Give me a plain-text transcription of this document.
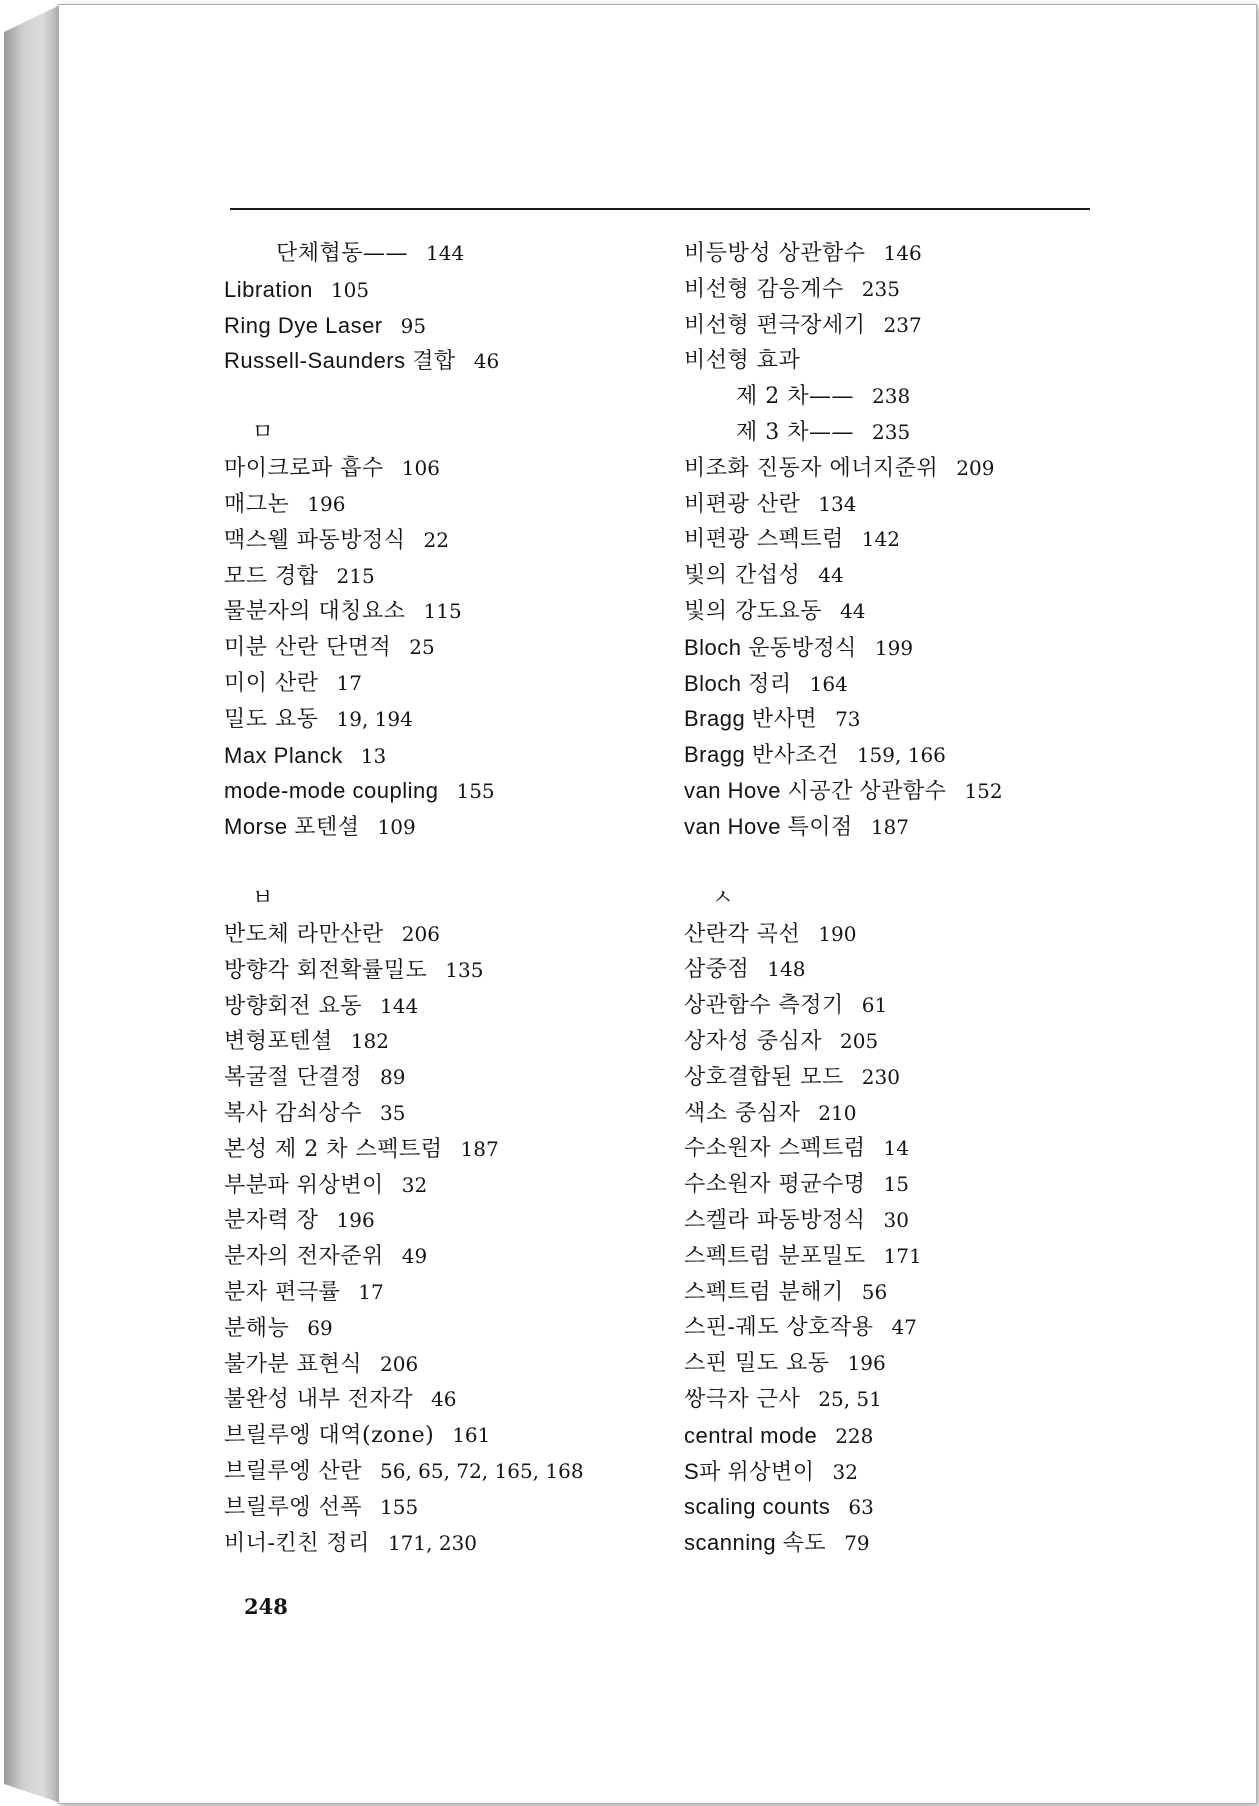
단체협동—— 144
Libration 105
Ring Dye Laser 95
Russell-Saunders 결합 46
ㅁ
마이크로파 흡수 106
매그논 196
맥스웰 파동방정식 22
모드 경합 215
물분자의 대칭요소 115
미분 산란 단면적 25
미이 산란 17
밀도 요동 19, 194
Max Planck 13
mode-mode coupling 155
Morse 포텐셜 109
ㅂ
반도체 라만산란 206
방향각 회전확률밀도 135
방향회전 요동 144
변형포텐셜 182
복굴절 단결정 89
복사 감쇠상수 35
본성 제 2 차 스펙트럼 187
부분파 위상변이 32
분자력 장 196
분자의 전자준위 49
분자 편극률 17
분해능 69
불가분 표현식 206
불완성 내부 전자각 46
브릴루엥 대역(zone) 161
브릴루엥 산란 56, 65, 72, 165, 168
브릴루엥 선폭 155
비너-킨친 정리 171, 230
비등방성 상관함수 146
비선형 감응계수 235
비선형 편극장세기 237
비선형 효과
제 2 차—— 238
제 3 차—— 235
비조화 진동자 에너지준위 209
비편광 산란 134
비편광 스펙트럼 142
빛의 간섭성 44
빛의 강도요동 44
Bloch 운동방정식 199
Bloch 정리 164
Bragg 반사면 73
Bragg 반사조건 159, 166
van Hove 시공간 상관함수 152
van Hove 특이점 187
ㅅ
산란각 곡선 190
삼중점 148
상관함수 측정기 61
상자성 중심자 205
상호결합된 모드 230
색소 중심자 210
수소원자 스펙트럼 14
수소원자 평균수명 15
스켈라 파동방정식 30
스펙트럼 분포밀도 171
스펙트럼 분해기 56
스핀-궤도 상호작용 47
스핀 밀도 요동 196
쌍극자 근사 25, 51
central mode 228
S파 위상변이 32
scaling counts 63
scanning 속도 79
248
